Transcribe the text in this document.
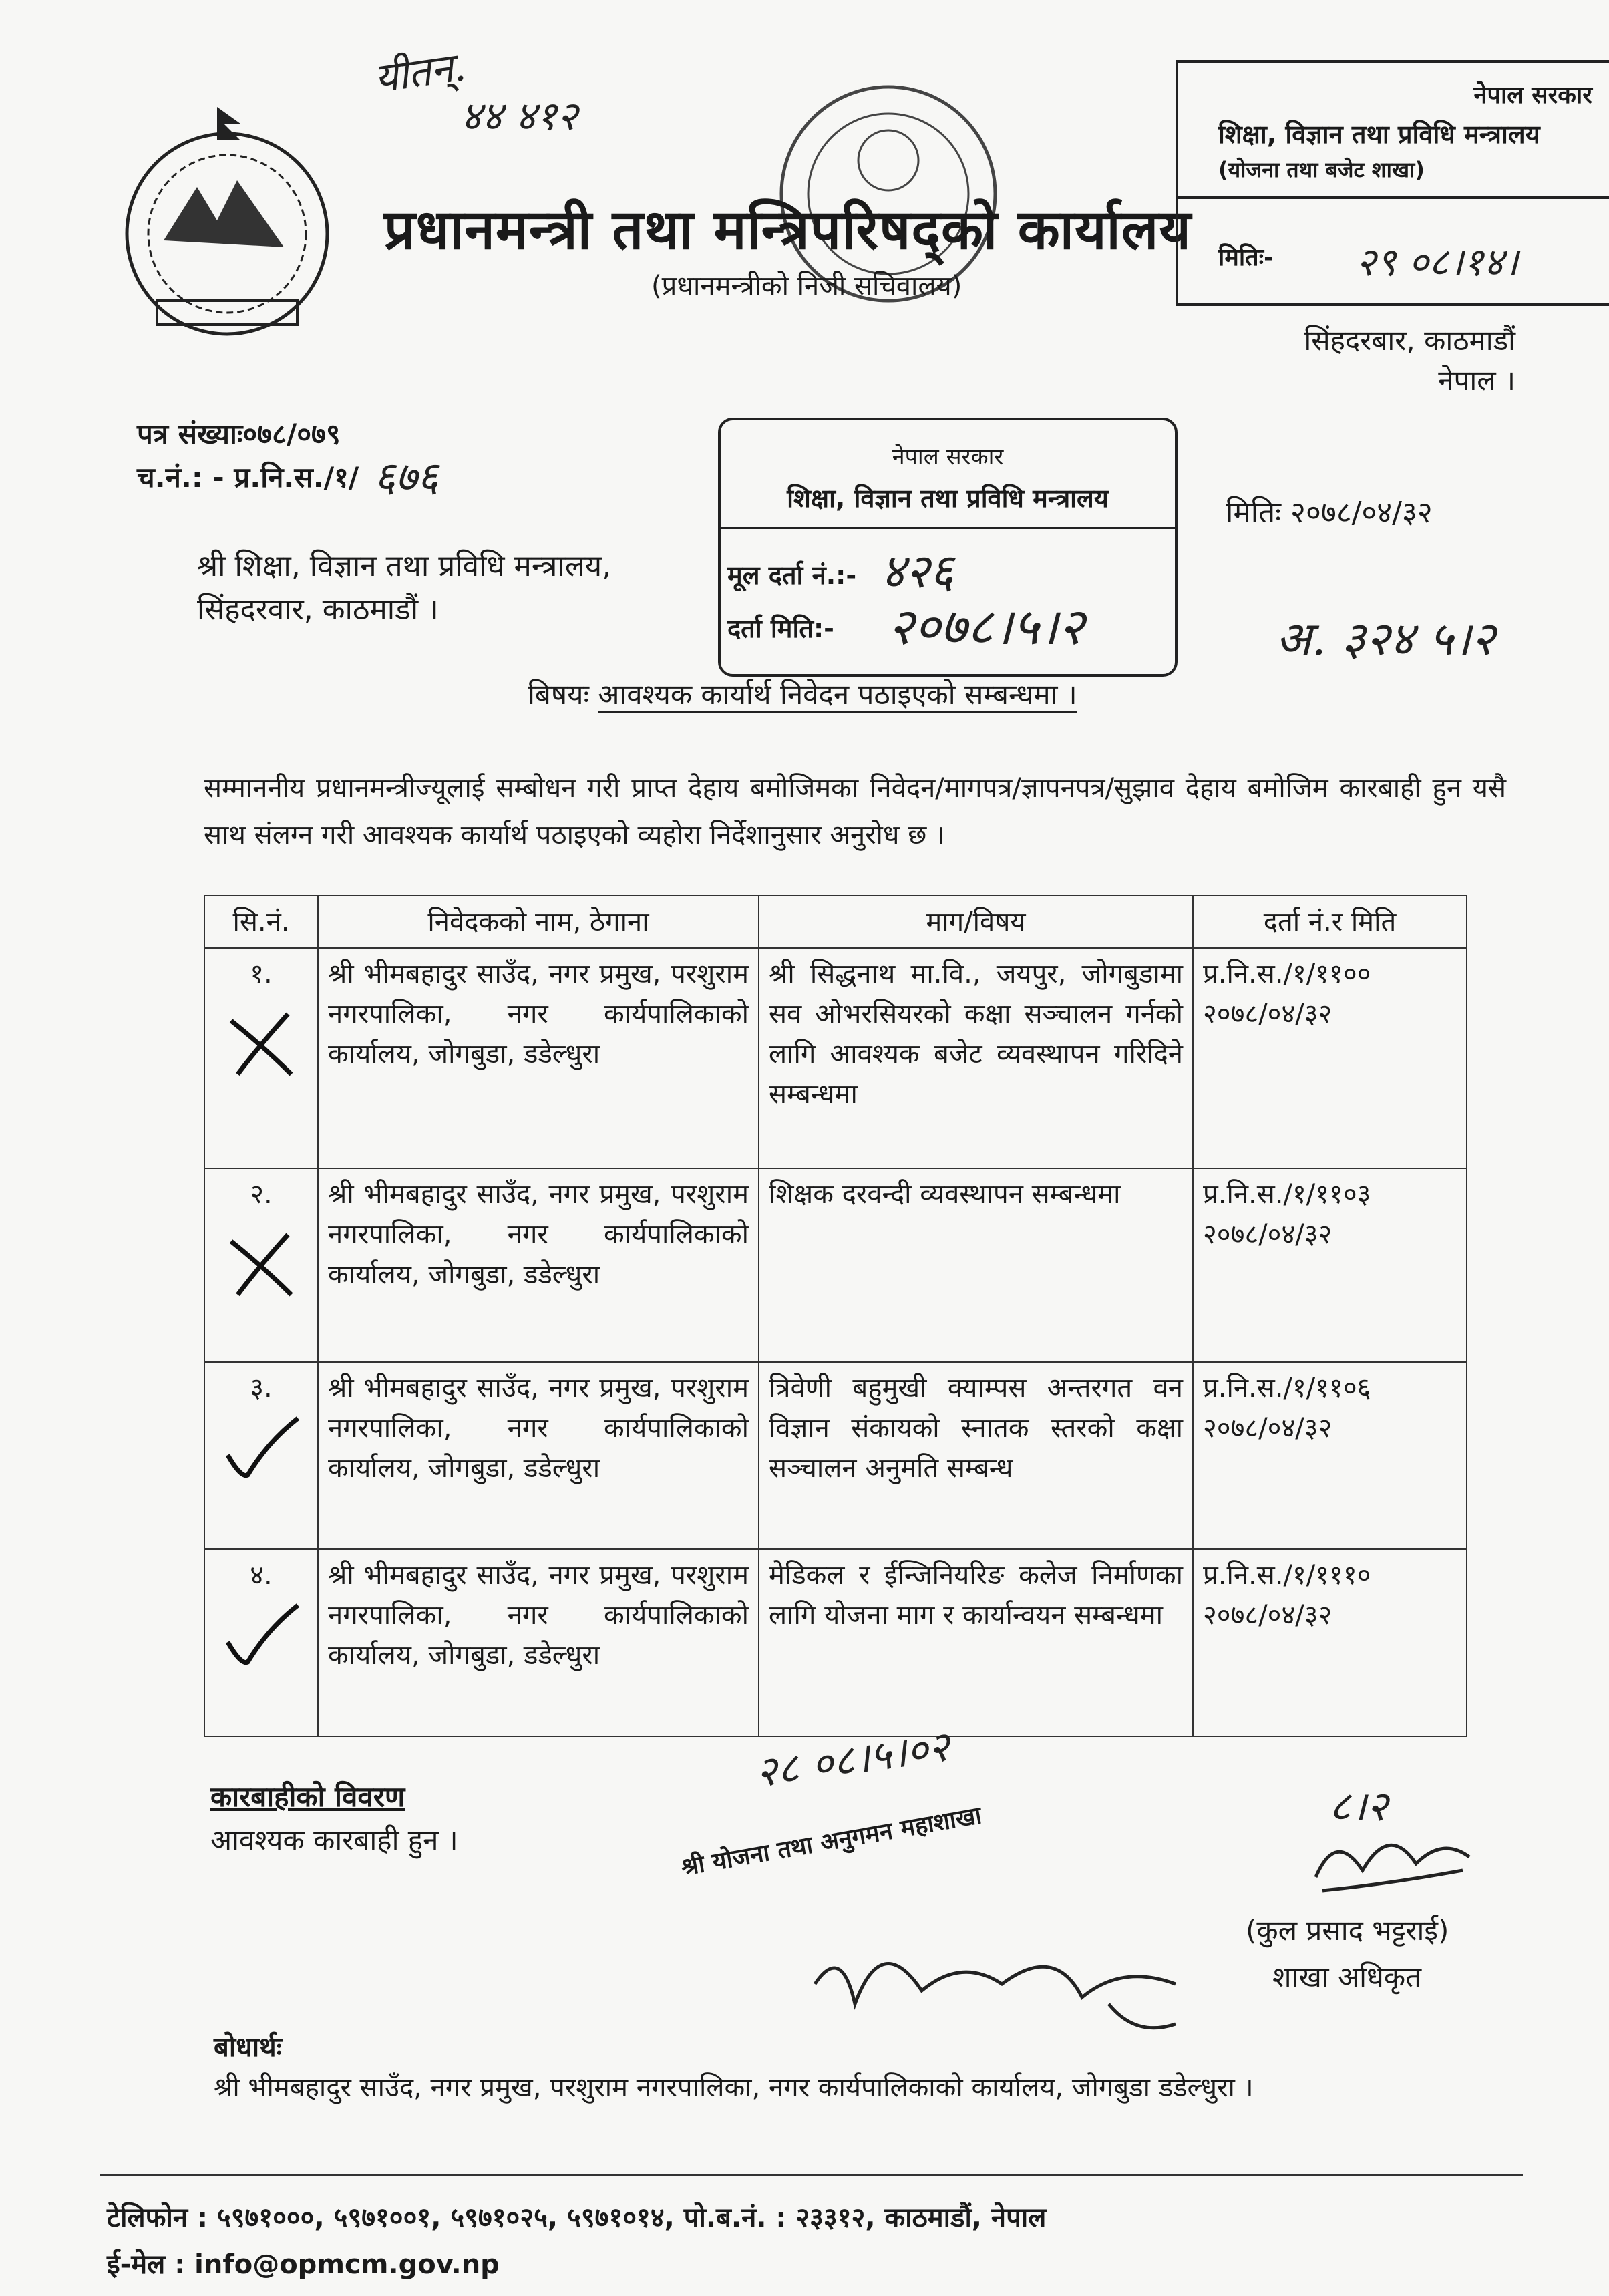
यीतन्.
४४ ४१२
प्रधानमन्त्री तथा मन्त्रिपरिषद्को कार्यालय
(प्रधानमन्त्रीको निजी सचिवालय)
नेपाल सरकार
शिक्षा, विज्ञान तथा प्रविधि मन्त्रालय
(योजना तथा बजेट शाखा)
मितिः- २९ ०८।१४।
सिंहदरबार, काठमाडौं
नेपाल ।
पत्र संख्याः०७८/०७९
च.नं.: - प्र.नि.स./१/ ६७६	नेपाल सरकार
शिक्षा, विज्ञान तथा प्रविधि मन्त्रालय
मूल दर्ता नं.:- ४२६
दर्ता मिति:- २०७८।५।२
मितिः २०७८/०४/३२
श्री शिक्षा, विज्ञान तथा प्रविधि मन्त्रालय,
सिंहदरवार, काठमाडौं ।
बिषयः आवश्यक कार्यार्थ निवेदन पठाइएको सम्बन्धमा ।
अ. ३२४ ५।२
सम्माननीय प्रधानमन्त्रीज्यूलाई सम्बोधन गरी प्राप्त देहाय बमोजिमका निवेदन/मागपत्र/ज्ञापनपत्र/सुझाव देहाय बमोजिम कारबाही हुन यसै साथ संलग्न गरी आवश्यक कार्यार्थ पठाइएको व्यहोरा निर्देशानुसार अनुरोध छ ।
सि.नं.	निवेदकको नाम, ठेगाना	माग/विषय	दर्ता नं.र मिति
१.	श्री भीमबहादुर साउँद, नगर प्रमुख, परशुराम नगरपालिका, नगर कार्यपालिकाको कार्यालय, जोगबुडा, डडेल्धुरा	श्री सिद्धनाथ मा.वि., जयपुर, जोगबुडामा सव ओभरसियरको कक्षा सञ्चालन गर्नको लागि आवश्यक बजेट व्यवस्थापन गरिदिने सम्बन्धमा	प्र.नि.स./१/११००
२०७८/०४/३२

२.	श्री भीमबहादुर साउँद, नगर प्रमुख, परशुराम नगरपालिका, नगर कार्यपालिकाको कार्यालय, जोगबुडा, डडेल्धुरा	शिक्षक दरवन्दी व्यवस्थापन सम्बन्धमा	प्र.नि.स./१/११०३
२०७८/०४/३२

३.	श्री भीमबहादुर साउँद, नगर प्रमुख, परशुराम नगरपालिका, नगर कार्यपालिकाको कार्यालय, जोगबुडा, डडेल्धुरा	त्रिवेणी बहुमुखी क्याम्पस अन्तरगत वन विज्ञान संकायको स्नातक स्तरको कक्षा सञ्चालन अनुमति सम्बन्ध	प्र.नि.स./१/११०६
२०७८/०४/३२

४.	श्री भीमबहादुर साउँद, नगर प्रमुख, परशुराम नगरपालिका, नगर कार्यपालिकाको कार्यालय, जोगबुडा, डडेल्धुरा	मेडिकल र ईन्जिनियरिङ कलेज निर्माणका लागि योजना माग र कार्यान्वयन सम्बन्धमा	प्र.नि.स./१/१११०
२०७८/०४/३२
कारबाहीको विवरण
आवश्यक कारबाही हुन ।
२८ ०८।५।०२
श्री योजना तथा अनुगमन महाशाखा	८।२
(कुल प्रसाद भट्टराई)
शाखा अधिकृत
बोधार्थः
श्री भीमबहादुर साउँद, नगर प्रमुख, परशुराम नगरपालिका, नगर कार्यपालिकाको कार्यालय, जोगबुडा डडेल्धुरा ।
टेलिफोन : ५९७१०००, ५९७१००१, ५९७१०२५, ५९७१०१४, पो.ब.नं. : २३३१२, काठमाडौं, नेपाल
ई-मेल : info@opmcm.gov.np
